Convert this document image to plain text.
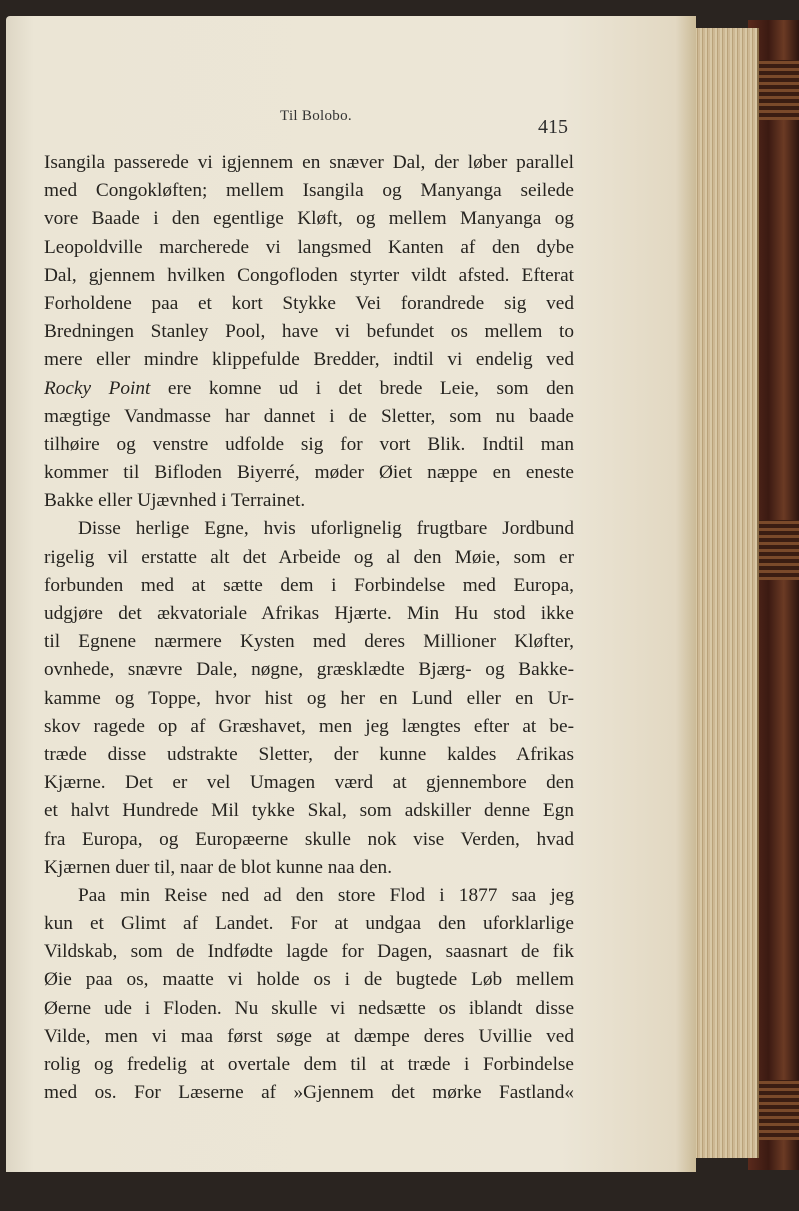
Til Bolobo.	415
Isangila passerede vi igjennem en snæver Dal, der løber parallel
med Congokløften; mellem Isangila og Manyanga seilede
vore Baade i den egentlige Kløft, og mellem Manyanga og
Leopoldville marcherede vi langsmed Kanten af den dybe
Dal, gjennem hvilken Congofloden styrter vildt afsted. Efterat
Forholdene paa et kort Stykke Vei forandrede sig ved
Bredningen Stanley Pool, have vi befundet os mellem to
mere eller mindre klippefulde Bredder, indtil vi endelig ved
Rocky Point ere komne ud i det brede Leie, som den
mægtige Vandmasse har dannet i de Sletter, som nu baade
tilhøire og venstre udfolde sig for vort Blik. Indtil man
kommer til Bifloden Biyerré, møder Øiet næppe en eneste
Bakke eller Ujævnhed i Terrainet.
Disse herlige Egne, hvis uforlignelig frugtbare Jordbund
rigelig vil erstatte alt det Arbeide og al den Møie, som er
forbunden med at sætte dem i Forbindelse med Europa,
udgjøre det ækvatoriale Afrikas Hjærte. Min Hu stod ikke
til Egnene nærmere Kysten med deres Millioner Kløfter,
ovnhede, snævre Dale, nøgne, græsklædte Bjærg- og Bakke-
kamme og Toppe, hvor hist og her en Lund eller en Ur-
skov ragede op af Græshavet, men jeg længtes efter at be-
træde disse udstrakte Sletter, der kunne kaldes Afrikas
Kjærne. Det er vel Umagen værd at gjennembore den
et halvt Hundrede Mil tykke Skal, som adskiller denne Egn
fra Europa, og Europæerne skulle nok vise Verden, hvad
Kjærnen duer til, naar de blot kunne naa den.
Paa min Reise ned ad den store Flod i 1877 saa jeg
kun et Glimt af Landet. For at undgaa den uforklarlige
Vildskab, som de Indfødte lagde for Dagen, saasnart de fik
Øie paa os, maatte vi holde os i de bugtede Løb mellem
Øerne ude i Floden. Nu skulle vi nedsætte os iblandt disse
Vilde, men vi maa først søge at dæmpe deres Uvillie ved
rolig og fredelig at overtale dem til at træde i Forbindelse
med os. For Læserne af »Gjennem det mørke Fastland«
